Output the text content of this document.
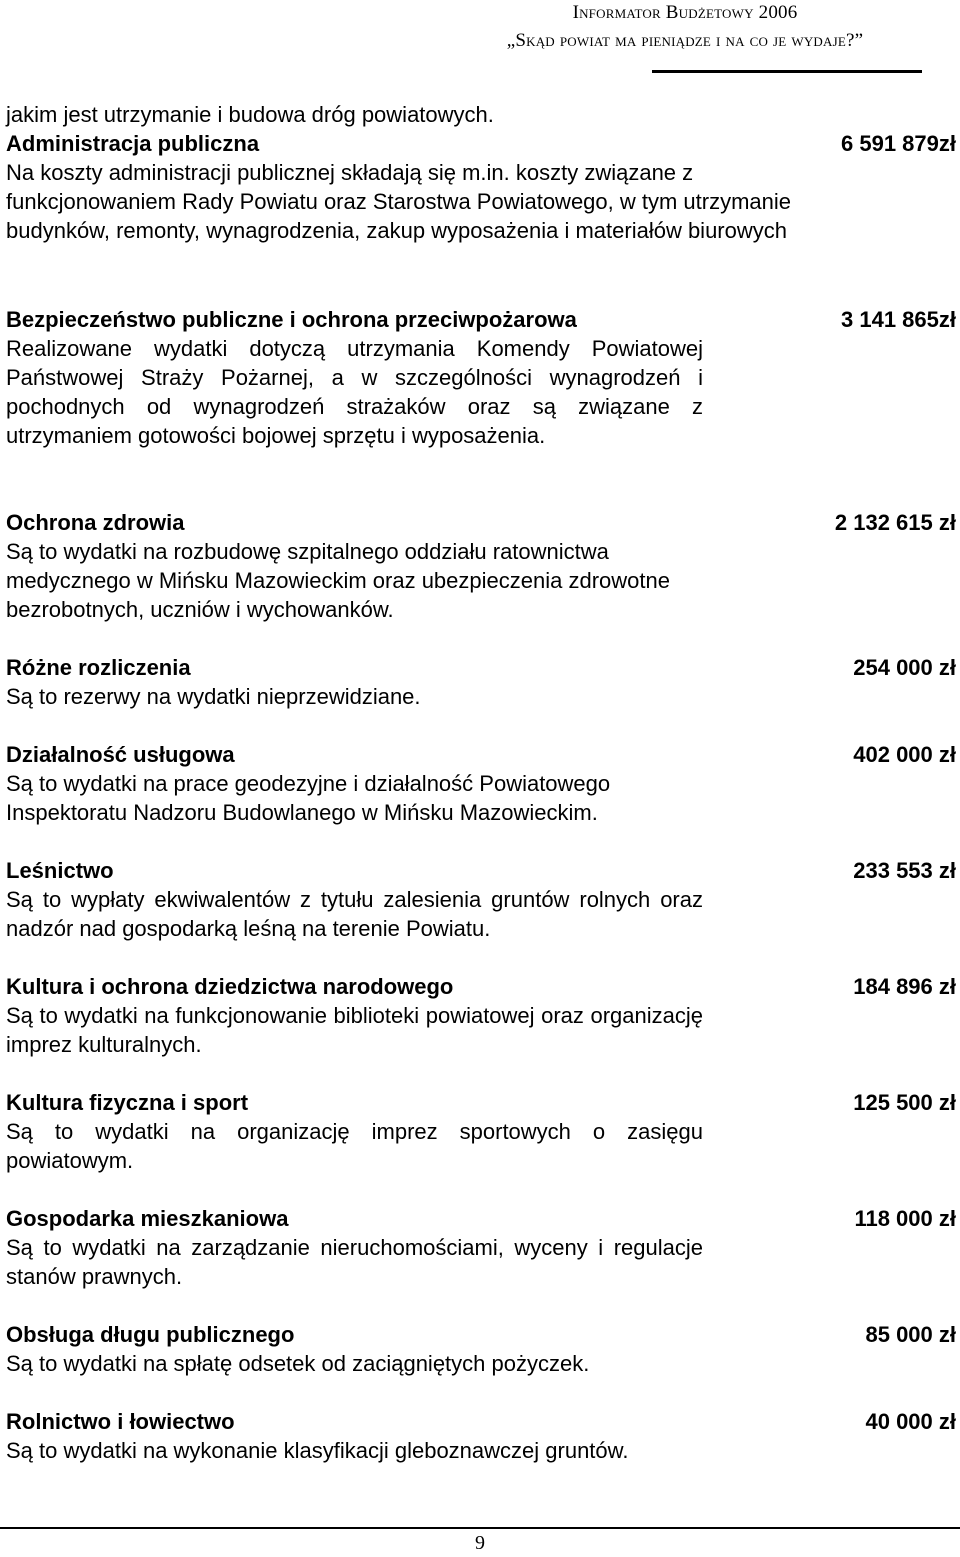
Informator Budżetowy 2006
„Skąd powiat ma pieniądze i na co je wydaje?”
jakim jest utrzymanie i budowa dróg powiatowych.
Administracja publiczna	6 591 879zł
Na koszty administracji publicznej składają się m.in. koszty związane z funkcjonowaniem Rady Powiatu oraz Starostwa Powiatowego, w tym utrzymanie budynków, remonty, wynagrodzenia, zakup wyposażenia i materiałów biurowych
Bezpieczeństwo publiczne i ochrona przeciwpożarowa	3 141 865zł
Realizowane wydatki dotyczą utrzymania Komendy Powiatowej Państwowej Straży Pożarnej, a w szczególności wynagrodzeń i pochodnych od wynagrodzeń strażaków oraz są związane z utrzymaniem gotowości bojowej sprzętu i wyposażenia.
Ochrona zdrowia	2 132 615 zł
Są to wydatki na rozbudowę szpitalnego oddziału ratownictwa medycznego w Mińsku Mazowieckim oraz ubezpieczenia zdrowotne bezrobotnych, uczniów i wychowanków.
Różne rozliczenia	254 000 zł
Są to rezerwy na wydatki nieprzewidziane.
Działalność usługowa	402 000 zł
Są to wydatki na prace geodezyjne i działalność Powiatowego Inspektoratu Nadzoru Budowlanego w Mińsku Mazowieckim.
Leśnictwo	233 553 zł
Są to wypłaty ekwiwalentów z tytułu zalesienia gruntów rolnych oraz nadzór nad gospodarką leśną na terenie Powiatu.
Kultura i ochrona dziedzictwa narodowego	184 896 zł
Są to wydatki na funkcjonowanie biblioteki powiatowej oraz organizację imprez kulturalnych.
Kultura fizyczna i sport	125 500 zł
Są to wydatki na organizację imprez sportowych o zasięgu powiatowym.
Gospodarka mieszkaniowa	118 000 zł
Są to wydatki na zarządzanie nieruchomościami, wyceny i regulacje stanów prawnych.
Obsługa długu publicznego	85 000 zł
Są to wydatki na spłatę odsetek od zaciągniętych pożyczek.
Rolnictwo i łowiectwo	40 000 zł
Są to wydatki na wykonanie klasyfikacji gleboznawczej gruntów.
9
